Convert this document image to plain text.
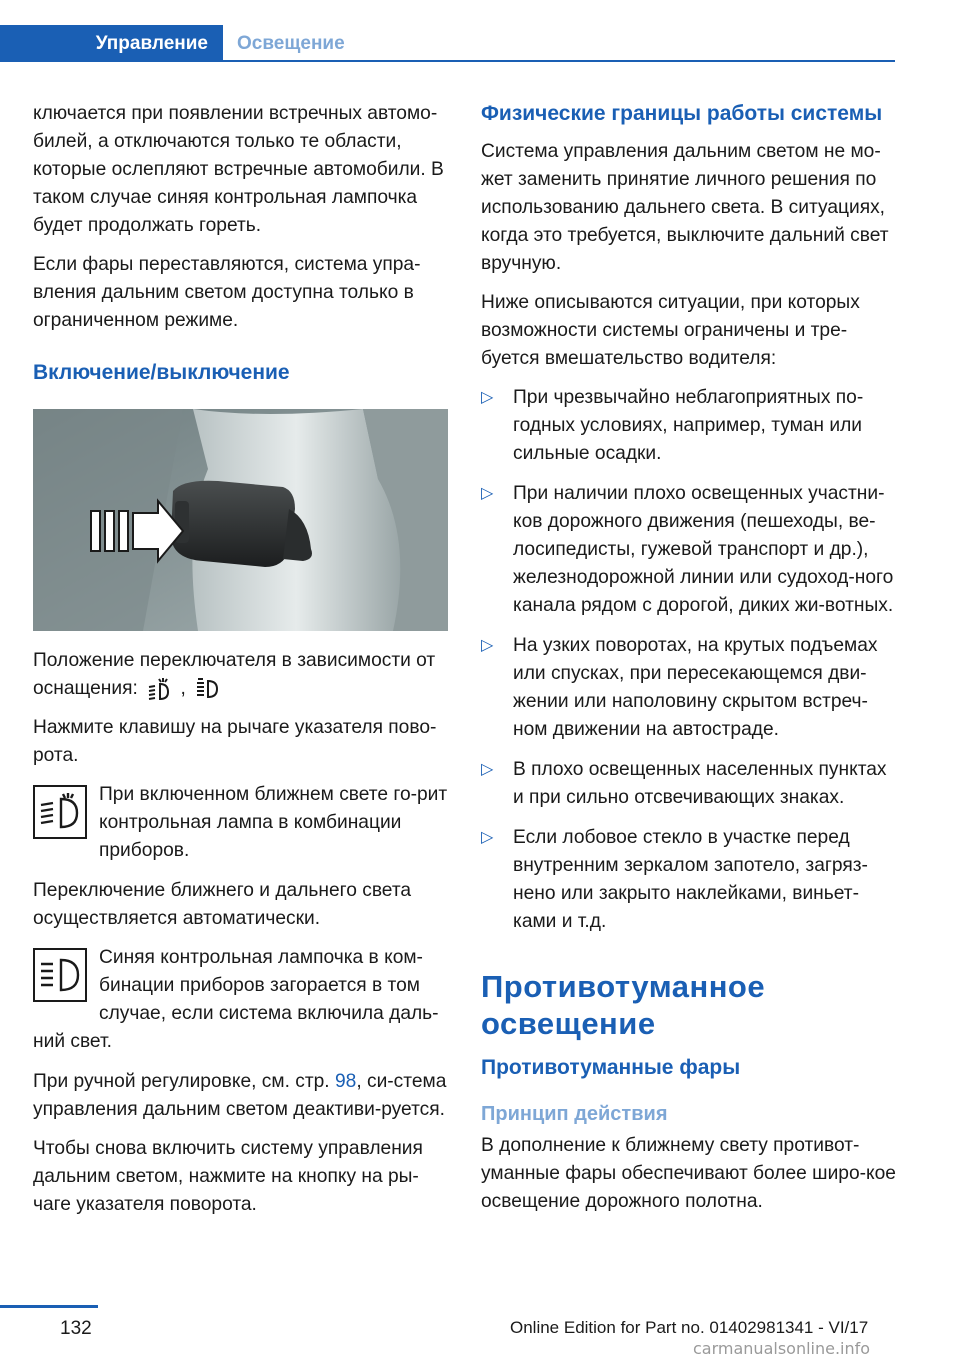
Управление	Освещение

ключается при появлении встречных автомо-билей, а отключаются только те области, которые ослепляют встречные автомобили. В таком случае синяя контрольная лампочка будет продолжать гореть.

Если фары переставляются, система упра-вления дальним светом доступна только в ограниченном режиме.

Включение/выключение

Положение переключателя в зависимости от оснащения: ,

Нажмите клавишу на рычаге указателя пово-рота.

При включенном ближнем свете го-рит контрольная лампа в комбинации приборов.

Переключение ближнего и дальнего света осуществляется автоматически.

Синяя контрольная лампочка в ком-бинации приборов загорается в том случае, если система включила даль-

ний свет.

При ручной регулировке, см. стр. 98, си-стема управления дальним светом деактиви-руется.

Чтобы снова включить систему управления дальним светом, нажмите на кнопку на ры-чаге указателя поворота.

Физические границы работы системы

Система управления дальним светом не мо-жет заменить принятие личного решения по использованию дальнего света. В ситуациях, когда это требуется, выключите дальний свет вручную.

Ниже описываются ситуации, при которых возможности системы ограничены и тре-буется вмешательство водителя:

▷ При чрезвычайно неблагоприятных по-годных условиях, например, туман или сильные осадки.
▷ При наличии плохо освещенных участни-ков дорожного движения (пешеходы, ве-лосипедисты, гужевой транспорт и др.), железнодорожной линии или судоход-ного канала рядом с дорогой, диких жи-вотных.
▷ На узких поворотах, на крутых подъемах или спусках, при пересекающемся дви-жении или наполовину скрытом встреч-ном движении на автостраде.
▷ В плохо освещенных населенных пунктах и при сильно отсвечивающих знаках.
▷ Если лобовое стекло в участке перед внутренним зеркалом запотело, загряз-нено или закрыто наклейками, виньет-ками и т.д.
Противотуманное освещение
Противотуманные фары
Принцип действия

В дополнение к ближнему свету противот-уманные фары обеспечивают более широ-кое освещение дорожного полотна.

132	Online Edition for Part no. 01402981341 - VI/17
carmanualsonline.info
